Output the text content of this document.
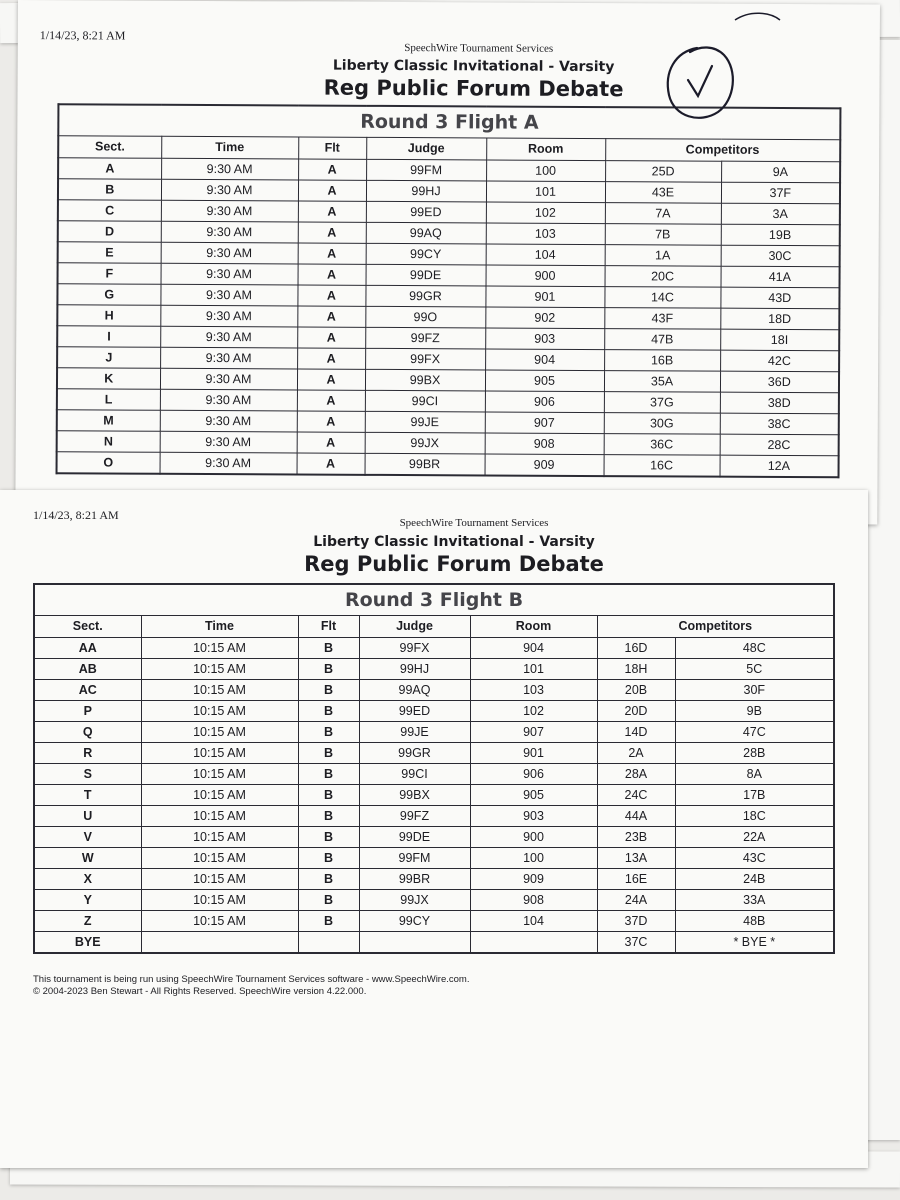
1/14/23, 8:21 AM
SpeechWire Tournament Services
Liberty Classic Invitational - Varsity
Reg Public Forum Debate
Round 3 Flight A						
Sect.	Time	Flt	Judge	Room	Competitors	
A	9:30 AM	A	99FM	100	25D	9A
B	9:30 AM	A	99HJ	101	43E	37F
C	9:30 AM	A	99ED	102	7A	3A
D	9:30 AM	A	99AQ	103	7B	19B
E	9:30 AM	A	99CY	104	1A	30C
F	9:30 AM	A	99DE	900	20C	41A
G	9:30 AM	A	99GR	901	14C	43D
H	9:30 AM	A	99O	902	43F	18D
I	9:30 AM	A	99FZ	903	47B	18I
J	9:30 AM	A	99FX	904	16B	42C
K	9:30 AM	A	99BX	905	35A	36D
L	9:30 AM	A	99CI	906	37G	38D
M	9:30 AM	A	99JE	907	30G	38C
N	9:30 AM	A	99JX	908	36C	28C
O	9:30 AM	A	99BR	909	16C	12A
1/14/23, 8:21 AM
SpeechWire Tournament Services
Liberty Classic Invitational - Varsity
Reg Public Forum Debate
Round 3 Flight B						
Sect.	Time	Flt	Judge	Room	Competitors	
AA	10:15 AM	B	99FX	904	16D	48C
AB	10:15 AM	B	99HJ	101	18H	5C
AC	10:15 AM	B	99AQ	103	20B	30F
P	10:15 AM	B	99ED	102	20D	9B
Q	10:15 AM	B	99JE	907	14D	47C
R	10:15 AM	B	99GR	901	2A	28B
S	10:15 AM	B	99CI	906	28A	8A
T	10:15 AM	B	99BX	905	24C	17B
U	10:15 AM	B	99FZ	903	44A	18C
V	10:15 AM	B	99DE	900	23B	22A
W	10:15 AM	B	99FM	100	13A	43C
X	10:15 AM	B	99BR	909	16E	24B
Y	10:15 AM	B	99JX	908	24A	33A
Z	10:15 AM	B	99CY	104	37D	48B
BYE					37C	* BYE *
This tournament is being run using SpeechWire Tournament Services software - www.SpeechWire.com.
© 2004-2023 Ben Stewart - All Rights Reserved. SpeechWire version 4.22.000.
